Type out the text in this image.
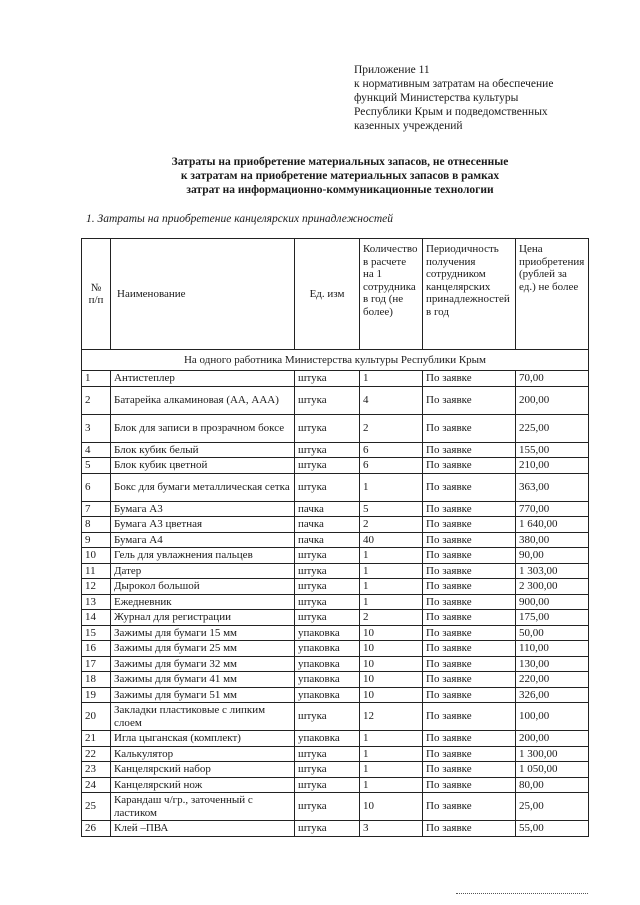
Приложение 11
к нормативным затратам на обеспечение
функций Министерства культуры
Республики Крым и подведомственных
казенных учреждений
Затраты на приобретение материальных запасов, не отнесенные
к затратам на приобретение материальных запасов в рамках
затрат на информационно-коммуникационные технологии
1. Затраты на приобретение канцелярских принадлежностей
№ п/п	Наименование	Ед. изм	Количество в расчете на 1 сотрудника в год (не более)	Периодичность получения сотрудником канцелярских принадлежностей в год	Цена приобретения (рублей за ед.) не более
На одного работника Министерства культуры Республики Крым					
1	Антистеплер	штука	1	По заявке	70,00
2	Батарейка алкаминовая (АА, ААА)	штука	4	По заявке	200,00
3	Блок для записи в прозрачном боксе	штука	2	По заявке	225,00
4	Блок кубик белый	штука	6	По заявке	155,00
5	Блок кубик цветной	штука	6	По заявке	210,00
6	Бокс для бумаги металлическая сетка	штука	1	По заявке	363,00
7	Бумага А3	пачка	5	По заявке	770,00
8	Бумага А3 цветная	пачка	2	По заявке	1 640,00
9	Бумага А4	пачка	40	По заявке	380,00
10	Гель для увлажнения пальцев	штука	1	По заявке	90,00
11	Датер	штука	1	По заявке	1 303,00
12	Дырокол большой	штука	1	По заявке	2 300,00
13	Ежедневник	штука	1	По заявке	900,00
14	Журнал для регистрации	штука	2	По заявке	175,00
15	Зажимы для бумаги 15 мм	упаковка	10	По заявке	50,00
16	Зажимы для бумаги 25 мм	упаковка	10	По заявке	110,00
17	Зажимы для бумаги 32 мм	упаковка	10	По заявке	130,00
18	Зажимы для бумаги 41 мм	упаковка	10	По заявке	220,00
19	Зажимы для бумаги 51 мм	упаковка	10	По заявке	326,00
20	Закладки пластиковые с липким слоем	штука	12	По заявке	100,00
21	Игла цыганская (комплект)	упаковка	1	По заявке	200,00
22	Калькулятор	штука	1	По заявке	1 300,00
23	Канцелярский набор	штука	1	По заявке	1 050,00
24	Канцелярский нож	штука	1	По заявке	80,00
25	Карандаш ч/гр., заточенный с ластиком	штука	10	По заявке	25,00
26	Клей –ПВА	штука	3	По заявке	55,00
